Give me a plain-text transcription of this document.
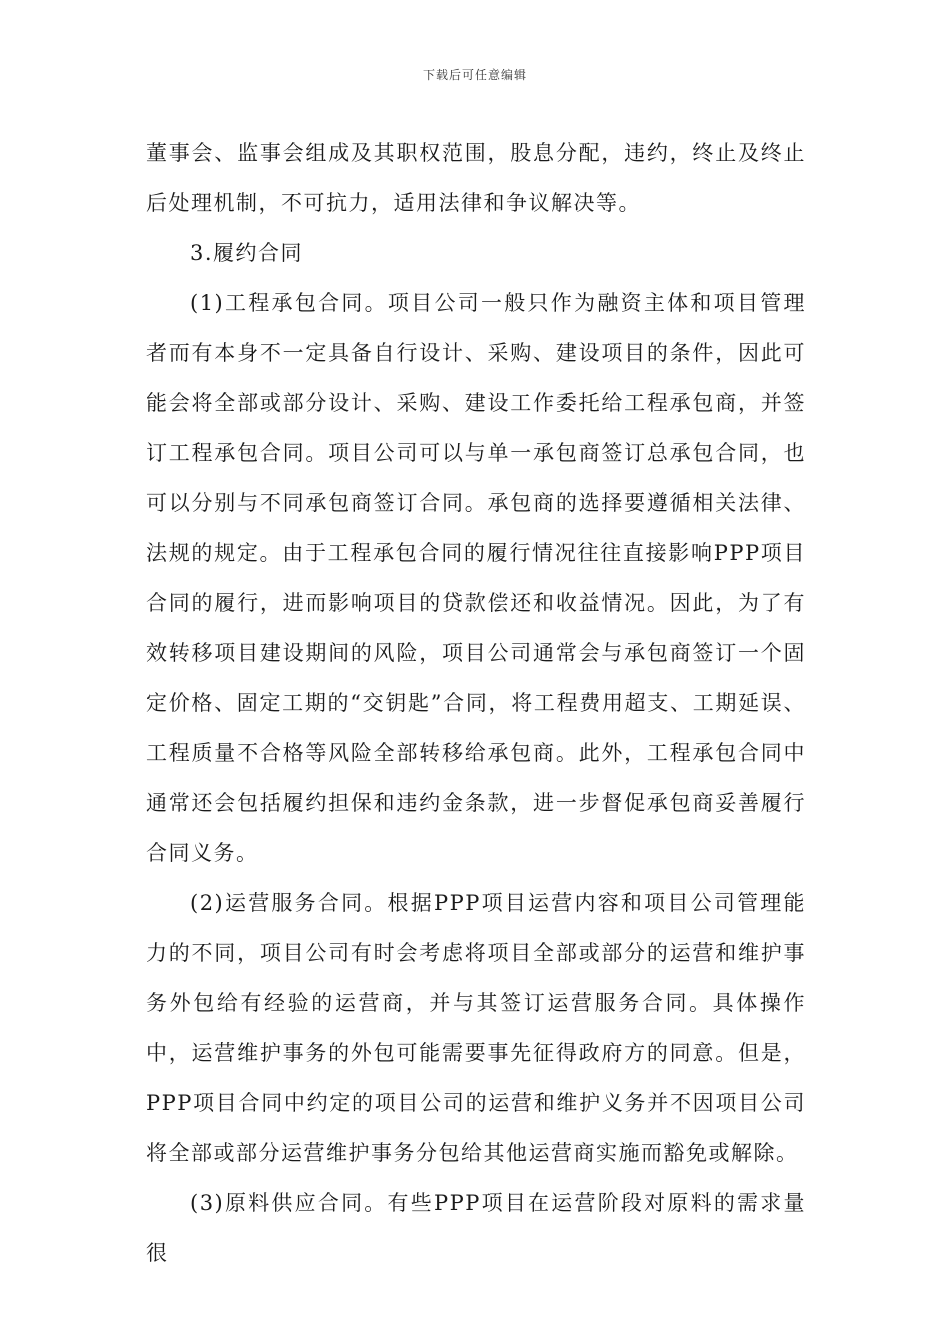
下载后可任意编辑

董事会、监事会组成及其职权范围，股息分配，违约，终止及终止后处理机制，不可抗力，适用法律和争议解决等。

3.履约合同

(1)工程承包合同。项目公司一般只作为融资主体和项目管理者而有本身不一定具备自行设计、采购、建设项目的条件，因此可能会将全部或部分设计、采购、建设工作委托给工程承包商，并签订工程承包合同。项目公司可以与单一承包商签订总承包合同，也可以分别与不同承包商签订合同。承包商的选择要遵循相关法律、法规的规定。由于工程承包合同的履行情况往往直接影响PPP项目合同的履行，进而影响项目的贷款偿还和收益情况。因此，为了有效转移项目建设期间的风险，项目公司通常会与承包商签订一个固定价格、固定工期的“交钥匙”合同，将工程费用超支、工期延误、工程质量不合格等风险全部转移给承包商。此外，工程承包合同中通常还会包括履约担保和违约金条款，进一步督促承包商妥善履行合同义务。

(2)运营服务合同。根据PPP项目运营内容和项目公司管理能力的不同，项目公司有时会考虑将项目全部或部分的运营和维护事务外包给有经验的运营商，并与其签订运营服务合同。具体操作中，运营维护事务的外包可能需要事先征得政府方的同意。但是，PPP项目合同中约定的项目公司的运营和维护义务并不因项目公司将全部或部分运营维护事务分包给其他运营商实施而豁免或解除。

(3)原料供应合同。有些PPP项目在运营阶段对原料的需求量很
